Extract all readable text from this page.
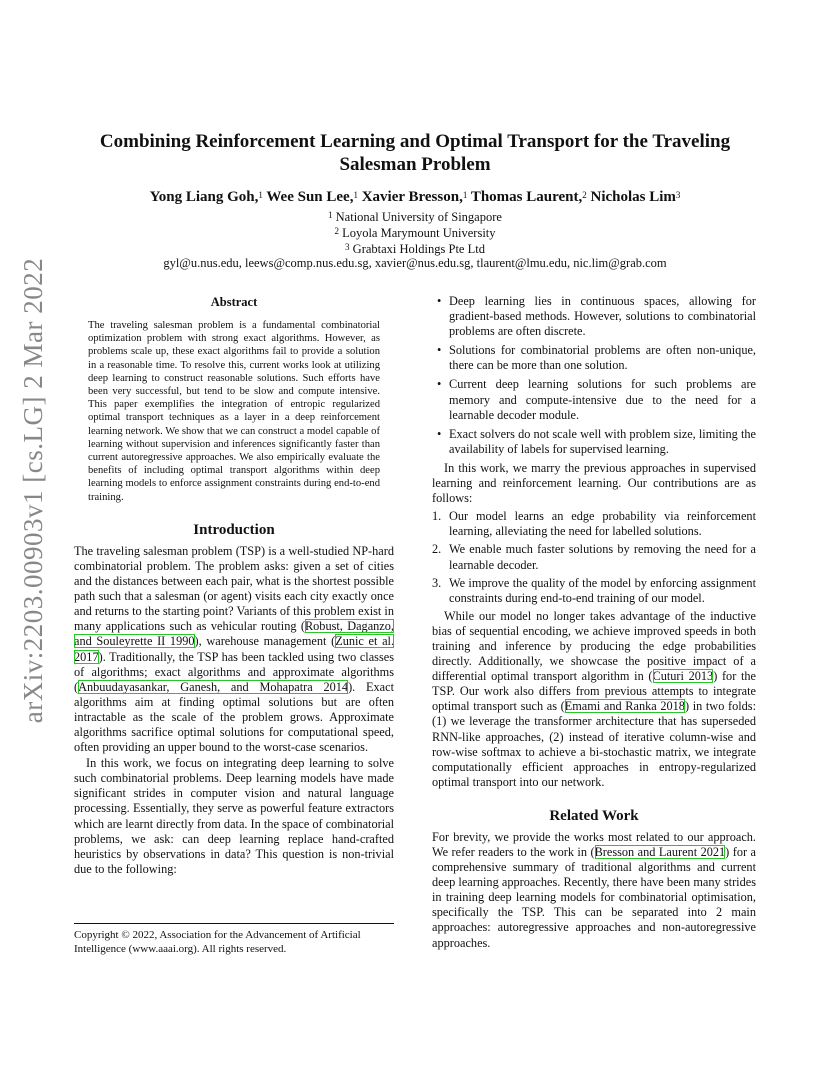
arXiv:2203.00903v1 [cs.LG] 2 Mar 2022
Combining Reinforcement Learning and Optimal Transport for the Traveling Salesman Problem
Yong Liang Goh,$^1$ Wee Sun Lee,$^1$ Xavier Bresson,$^1$ Thomas Laurent,$^2$ Nicholas Lim$^3$
$^1$ National University of Singapore
$^2$ Loyola Marymount University
$^3$ Grabtaxi Holdings Pte Ltd
gyl@u.nus.edu, leews@comp.nus.edu.sg, xavier@nus.edu.sg, tlaurent@lmu.edu, nic.lim@grab.com
Abstract
The traveling salesman problem is a fundamental combinatorial optimization problem with strong exact algorithms. However, as problems scale up, these exact algorithms fail to provide a solution in a reasonable time. To resolve this, current works look at utilizing deep learning to construct reasonable solutions. Such efforts have been very successful, but tend to be slow and compute intensive. This paper exemplifies the integration of entropic regularized optimal transport techniques as a layer in a deep reinforcement learning network. We show that we can construct a model capable of learning without supervision and inferences significantly faster than current autoregressive approaches. We also empirically evaluate the benefits of including optimal transport algorithms within deep learning models to enforce assignment constraints during end-to-end training.
Introduction

The traveling salesman problem (TSP) is a well-studied NP-hard combinatorial problem. The problem asks: given a set of cities and the distances between each pair, what is the shortest possible path such that a salesman (or agent) visits each city exactly once and returns to the starting point? Variants of this problem exist in many applications such as vehicular routing (Robust, Daganzo, and Souleyrette II 1990), warehouse management (Zunic et al. 2017). Traditionally, the TSP has been tackled using two classes of algorithms; exact algorithms and approximate algorithms (Anbuudayasankar, Ganesh, and Mohapatra 2014). Exact algorithms aim at finding optimal solutions but are often intractable as the scale of the problem grows. Approximate algorithms sacrifice optimal solutions for computational speed, often providing an upper bound to the worst-case scenarios.

In this work, we focus on integrating deep learning to solve such combinatorial problems. Deep learning models have made significant strides in computer vision and natural language processing. Essentially, they serve as powerful feature extractors which are learnt directly from data. In the space of combinatorial problems, we ask: can deep learning replace hand-crafted heuristics by observations in data? This question is non-trivial due to the following:

Copyright © 2022, Association for the Advancement of Artificial Intelligence (www.aaai.org). All rights reserved.
• Deep learning lies in continuous spaces, allowing for gradient-based methods. However, solutions to combinatorial problems are often discrete.
• Solutions for combinatorial problems are often non-unique, there can be more than one solution.
• Current deep learning solutions for such problems are memory and compute-intensive due to the need for a learnable decoder module.
• Exact solvers do not scale well with problem size, limiting the availability of labels for supervised learning.

In this work, we marry the previous approaches in supervised learning and reinforcement learning. Our contributions are as follows:

1. Our model learns an edge probability via reinforcement learning, alleviating the need for labelled solutions.
2. We enable much faster solutions by removing the need for a learnable decoder.
3. We improve the quality of the model by enforcing assignment constraints during end-to-end training of our model.

While our model no longer takes advantage of the inductive bias of sequential encoding, we achieve improved speeds in both training and inference by producing the edge probabilities directly. Additionally, we showcase the positive impact of a differential optimal transport algorithm in (Cuturi 2013) for the TSP. Our work also differs from previous attempts to integrate optimal transport such as (Emami and Ranka 2018) in two folds: (1) we leverage the transformer architecture that has superseded RNN-like approaches, (2) instead of iterative column-wise and row-wise softmax to achieve a bi-stochastic matrix, we integrate computationally efficient approaches in entropy-regularized optimal transport into our network.

Related Work

For brevity, we provide the works most related to our approach. We refer readers to the work in (Bresson and Laurent 2021) for a comprehensive summary of traditional algorithms and current deep learning approaches. Recently, there have been many strides in training deep learning models for combinatorial optimisation, specifically the TSP. This can be separated into 2 main approaches: autoregressive approaches and non-autoregressive approaches.
